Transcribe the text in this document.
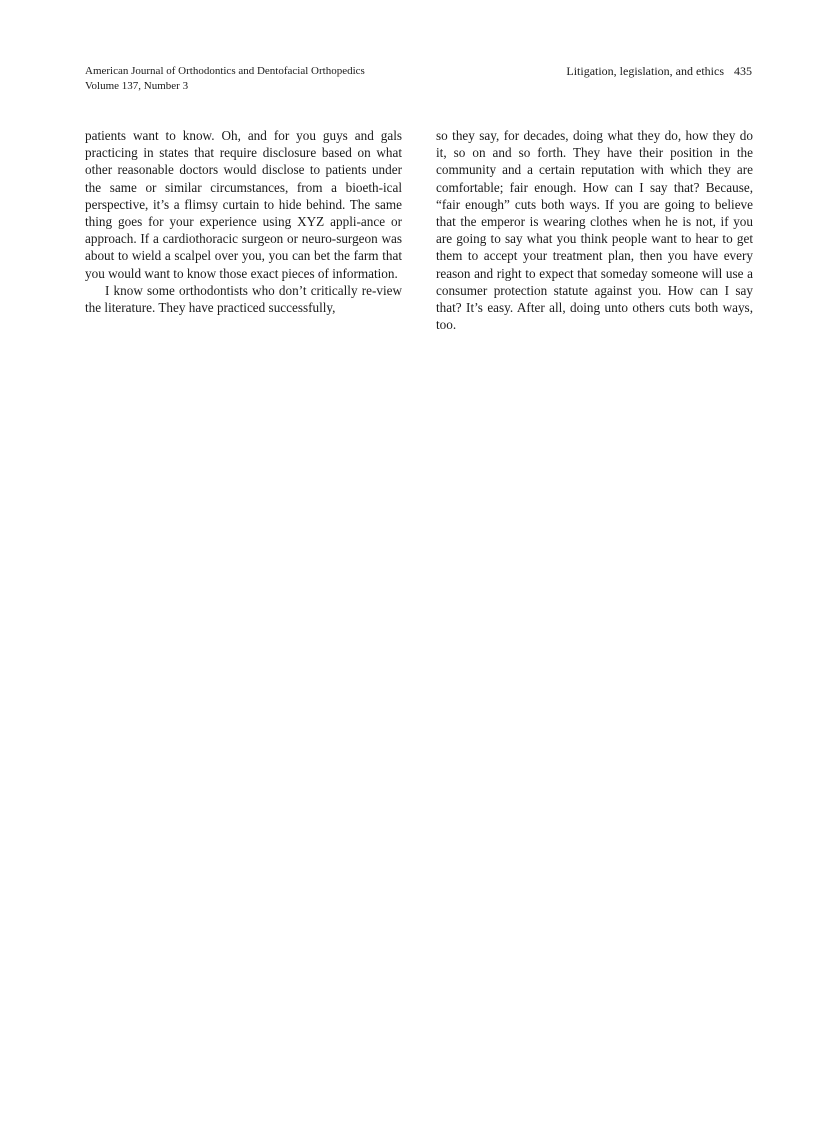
American Journal of Orthodontics and Dentofacial Orthopedics
Volume 137, Number 3
Litigation, legislation, and ethics 435

patients want to know. Oh, and for you guys and gals practicing in states that require disclosure based on what other reasonable doctors would disclose to patients under the same or similar circumstances, from a bioeth-ical perspective, it’s a flimsy curtain to hide behind. The same thing goes for your experience using XYZ appli-ance or approach. If a cardiothoracic surgeon or neuro-surgeon was about to wield a scalpel over you, you can bet the farm that you would want to know those exact pieces of information.

I know some orthodontists who don’t critically re-view the literature. They have practiced successfully,

so they say, for decades, doing what they do, how they do it, so on and so forth. They have their position in the community and a certain reputation with which they are comfortable; fair enough. How can I say that? Because, “fair enough” cuts both ways. If you are going to believe that the emperor is wearing clothes when he is not, if you are going to say what you think people want to hear to get them to accept your treatment plan, then you have every reason and right to expect that someday someone will use a consumer protection statute against you. How can I say that? It’s easy. After all, doing unto others cuts both ways, too.
